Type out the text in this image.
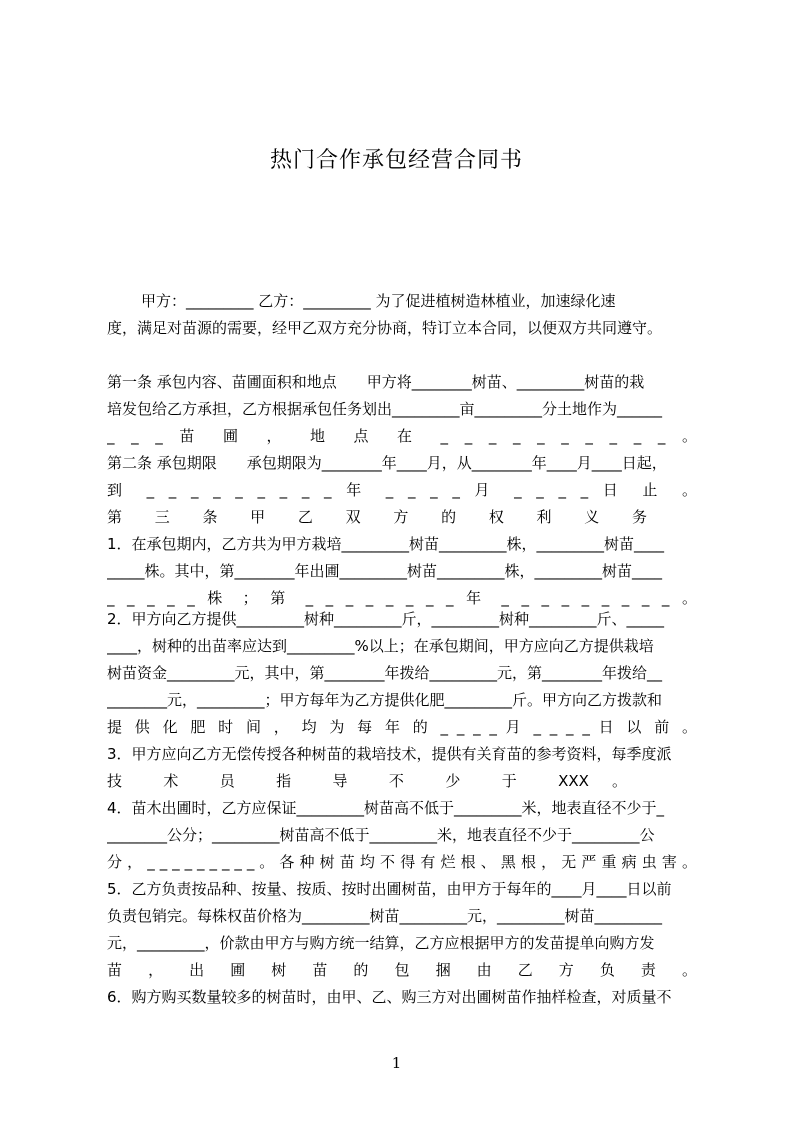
热门合作承包经营合同书
甲方：_________ 乙方：_________ 为了促进植树造林植业，加速绿化速
度，满足对苗源的需要，经甲乙双方充分协商，特订立本合同，以便双方共同遵守。
第一条 承包内容、苗圃面积和地点　　甲方将________树苗、_________树苗的栽
培发包给乙方承担，乙方根据承包任务划出_________亩_________分土地作为______
_ _ _ 苗 圃 ， 地 点 在 _ _ _ _ _ _ _ _ _ _ 。
第二条 承包期限　　承包期限为________年____月，从________年____月____日起，
到 _ _ _ _ _ _ _ _ _ 年 _ _ _ _ 月 _ _ _ _ 日 止 。
第 三 条 甲 乙 双 方 的 权 利 义 务
1．在承包期内，乙方共为甲方栽培_________树苗_________株，_________树苗____
_____株。其中，第________年出圃_________树苗_________株，_________树苗____
_ _ _ _ _ 株 ； 第 _ _ _ _ _ _ _ _ 年 _ _ _ _ _ _ _ _ _ 。
2．甲方向乙方提供_________树种_________斤，_________树种_________斤、_____
____，树种的出苗率应达到_________%以上；在承包期间，甲方应向乙方提供栽培
树苗资金_________元，其中，第________年拨给_________元，第________年拨给__
________元，_________；甲方每年为乙方提供化肥_________斤。甲方向乙方拨款和
提 供 化 肥 时 间 ， 均 为 每 年 的 _ _ _ _ 月 _ _ _ _ 日 以 前 。
3．甲方应向乙方无偿传授各种树苗的栽培技术，提供有关育苗的参考资料，每季度派
技 术 员 指 导 不 少 于 XXX 。
4．苗木出圃时，乙方应保证_________树苗高不低于_________米，地表直径不少于_
________公分；_________树苗高不低于_________米，地表直径不少于_________公
分 ， _ _ _ _ _ _ _ _ _ 。 各 种 树 苗 均 不 得 有 烂 根 、 黑 根 ， 无 严 重 病 虫 害 。
5．乙方负责按品种、按量、按质、按时出圃树苗，由甲方于每年的____月____日以前
负责包销完。每株权苗价格为_________树苗_________元，_________树苗_________
元，_________，价款由甲方与购方统一结算，乙方应根据甲方的发苗提单向购方发
苗 ， 出 圃 树 苗 的 包 捆 由 乙 方 负 责 。
6．购方购买数量较多的树苗时，由甲、乙、购三方对出圃树苗作抽样检查，对质量不
1
